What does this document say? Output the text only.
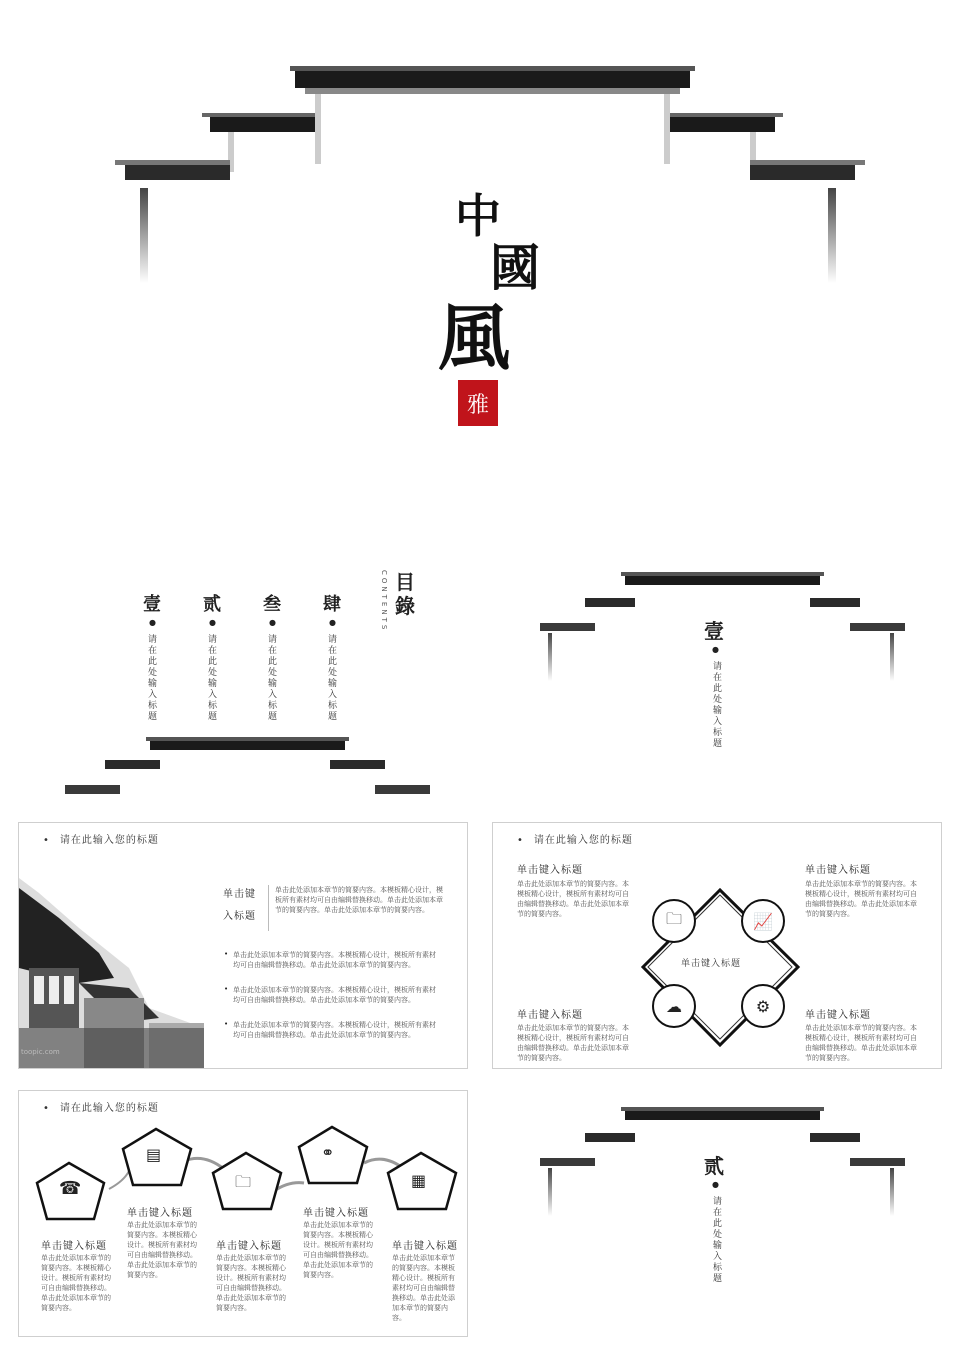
中
國
風
雅
目錄
CONTENTS
壹
●
请在此处输入标题
贰
●
请在此处输入标题
叁
●
请在此处输入标题
肆
●
请在此处输入标题
壹
●
请在此处输入标题
• 请在此输入您的标题
toopic.com
单击键
入标题
单击此处添加本章节的简要内容。本模板精心设计，模板所有素材均可自由编辑替换移动。单击此处添加本章节的简要内容。单击此处添加本章节的简要内容。
• 单击此处添加本章节的简要内容。本模板精心设计，模板所有素材均可自由编辑替换移动。单击此处添加本章节的简要内容。
• 单击此处添加本章节的简要内容。本模板精心设计，模板所有素材均可自由编辑替换移动。单击此处添加本章节的简要内容。
• 单击此处添加本章节的简要内容。本模板精心设计，模板所有素材均可自由编辑替换移动。单击此处添加本章节的简要内容。
• 请在此输入您的标题
单击键入标题
单击此处添加本章节的简要内容。本模板精心设计，模板所有素材均可自由编辑替换移动。单击此处添加本章节的简要内容。
单击键入标题
单击此处添加本章节的简要内容。本模板精心设计，模板所有素材均可自由编辑替换移动。单击此处添加本章节的简要内容。
单击键入标题
单击此处添加本章节的简要内容。本模板精心设计，模板所有素材均可自由编辑替换移动。单击此处添加本章节的简要内容。
单击键入标题
单击此处添加本章节的简要内容。本模板精心设计，模板所有素材均可自由编辑替换移动。单击此处添加本章节的简要内容。
单击键入标题
🗀	📈
☁	⚙
• 请在此输入您的标题
☎
▤
🗀
⚭
▦
单击键入标题
单击此处添加本章节的简要内容。本模板精心设计。模板所有素材均可自由编辑替换移动。单击此处添加本章节的简要内容。
单击键入标题
单击此处添加本章节的简要内容。本模板精心设计。模板所有素材均可自由编辑替换移动。单击此处添加本章节的简要内容。
单击键入标题
单击此处添加本章节的简要内容。本模板精心设计。模板所有素材均可自由编辑替换移动。单击此处添加本章节的简要内容。
单击键入标题
单击此处添加本章节的简要内容。本模板精心设计。模板所有素材均可自由编辑替换移动。单击此处添加本章节的简要内容。
单击键入标题
单击此处添加本章节的简要内容。本模板精心设计。模板所有素材均可自由编辑替换移动。单击此处添加本章节的简要内容。
贰
●
请在此处输入标题
